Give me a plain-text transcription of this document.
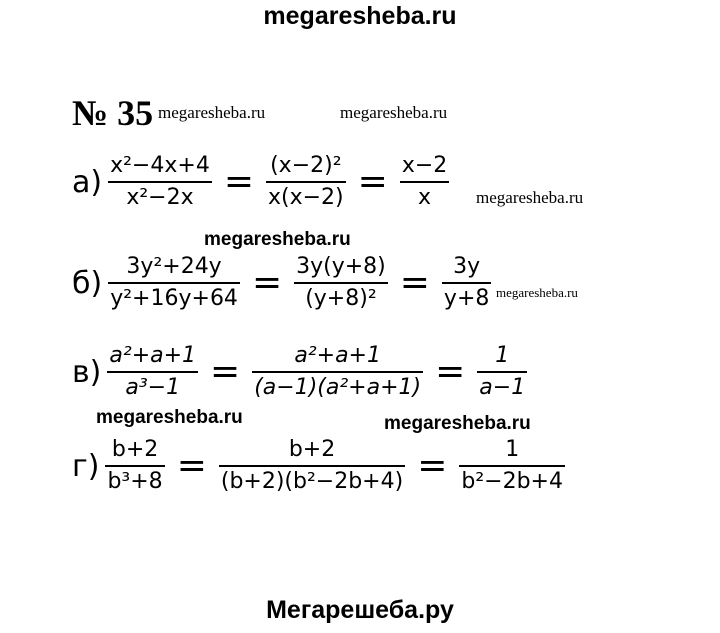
megaresheba.ru
Мегарешеба.ру
megaresheba.ru	megaresheba.ru
megaresheba.ru
megaresheba.ru
megaresheba.ru
megaresheba.ru	megaresheba.ru
№ 35
$а) \frac{\text{x²−4x+4}}{\text{x²−2x}} = \frac{\text{(x−2)²}}{x(x-2)} = \frac{x-2}{x}$
$б) \frac{\text{3y²+24y}}{\text{y²+16y+64}} = \frac{3y(y+8)}{\text{(y+8)²}} = \frac{3y}{y+8}$
$в) \frac{\text{a²+a+1}}{\text{a³−1}} = \frac{\text{a²+a+1}}{\text{(a−1)(a²+a+1)}} = \frac{1}{a-1}$
$г) \frac{b+2}{\text{b³+8}} = \frac{b+2}{\text{(b+2)(b²−2b+4)}} = \frac{1}{\text{b²−2b+4}}$
